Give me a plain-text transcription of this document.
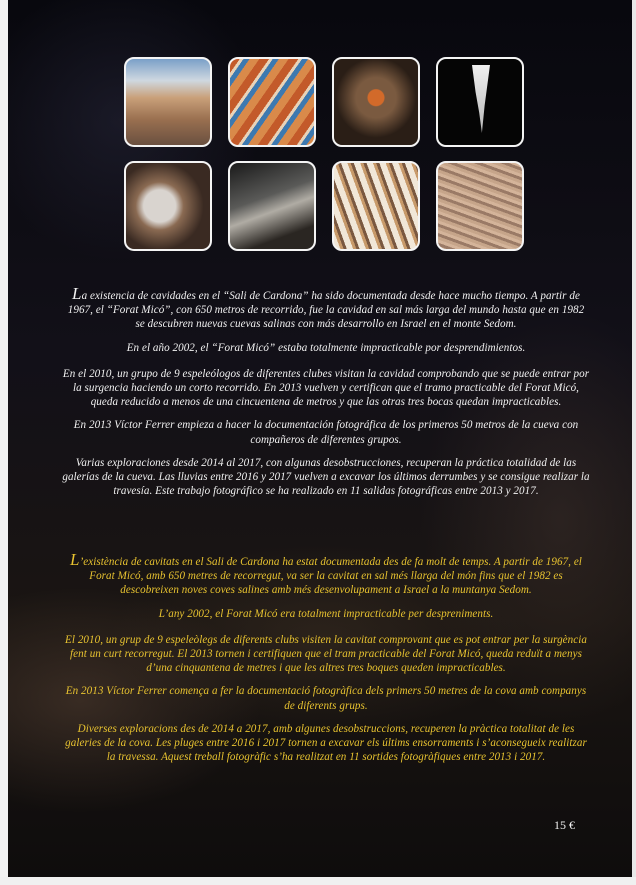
La existencia de cavidades en el “Sali de Cardona” ha sido documentada desde hace mucho tiempo. A partir de 1967, el “Forat Micó”, con 650 metros de recorrido, fue la cavidad en sal más larga del mundo hasta que en 1982 se descubren nuevas cuevas salinas con más desarrollo en Israel en el monte Sedom.

En el año 2002, el “Forat Micó” estaba totalmente impracticable por desprendimientos.

En el 2010, un grupo de 9 espeleólogos de diferentes clubes visitan la cavidad comprobando que se puede entrar por la surgencia haciendo un corto recorrido. En 2013 vuelven y certifican que el tramo practicable del Forat Micó, queda reducido a menos de una cincuentena de metros y que las otras tres bocas quedan impracticables.

En 2013 Víctor Ferrer empieza a hacer la documentación fotográfica de los primeros 50 metros de la cueva con compañeros de diferentes grupos.

Varias exploraciones desde 2014 al 2017, con algunas desobstrucciones, recuperan la práctica totalidad de las galerías de la cueva. Las lluvias entre 2016 y 2017 vuelven a excavar los últimos derrumbes y se consigue realizar la travesía. Este trabajo fotográfico se ha realizado en 11 salidas fotográficas entre 2013 y 2017.

L’existència de cavitats en el Sali de Cardona ha estat documentada des de fa molt de temps. A partir de 1967, el Forat Micó, amb 650 metres de recorregut, va ser la cavitat en sal més llarga del món fins que el 1982 es descobreixen noves coves salines amb més desenvolupament a Israel a la muntanya Sedom.

L’any 2002, el Forat Micó era totalment impracticable per despreniments.

El 2010, un grup de 9 espeleòlegs de diferents clubs visiten la cavitat comprovant que es pot entrar per la surgència fent un curt recorregut. El 2013 tornen i certifiquen que el tram practicable del Forat Micó, queda reduït a menys d’una cinquantena de metres i que les altres tres boques queden impracticables.

En 2013 Víctor Ferrer comença a fer la documentació fotogràfica dels primers 50 metres de la cova amb companys de diferents grups.

Diverses exploracions des de 2014 a 2017, amb algunes desobstruccions, recuperen la pràctica totalitat de les galeries de la cova. Les pluges entre 2016 i 2017 tornen a excavar els últims ensorraments i s’aconsegueix realitzar la travessa. Aquest treball fotogràfic s’ha realitzat en 11 sortides fotogràfiques entre 2013 i 2017.

15 €
